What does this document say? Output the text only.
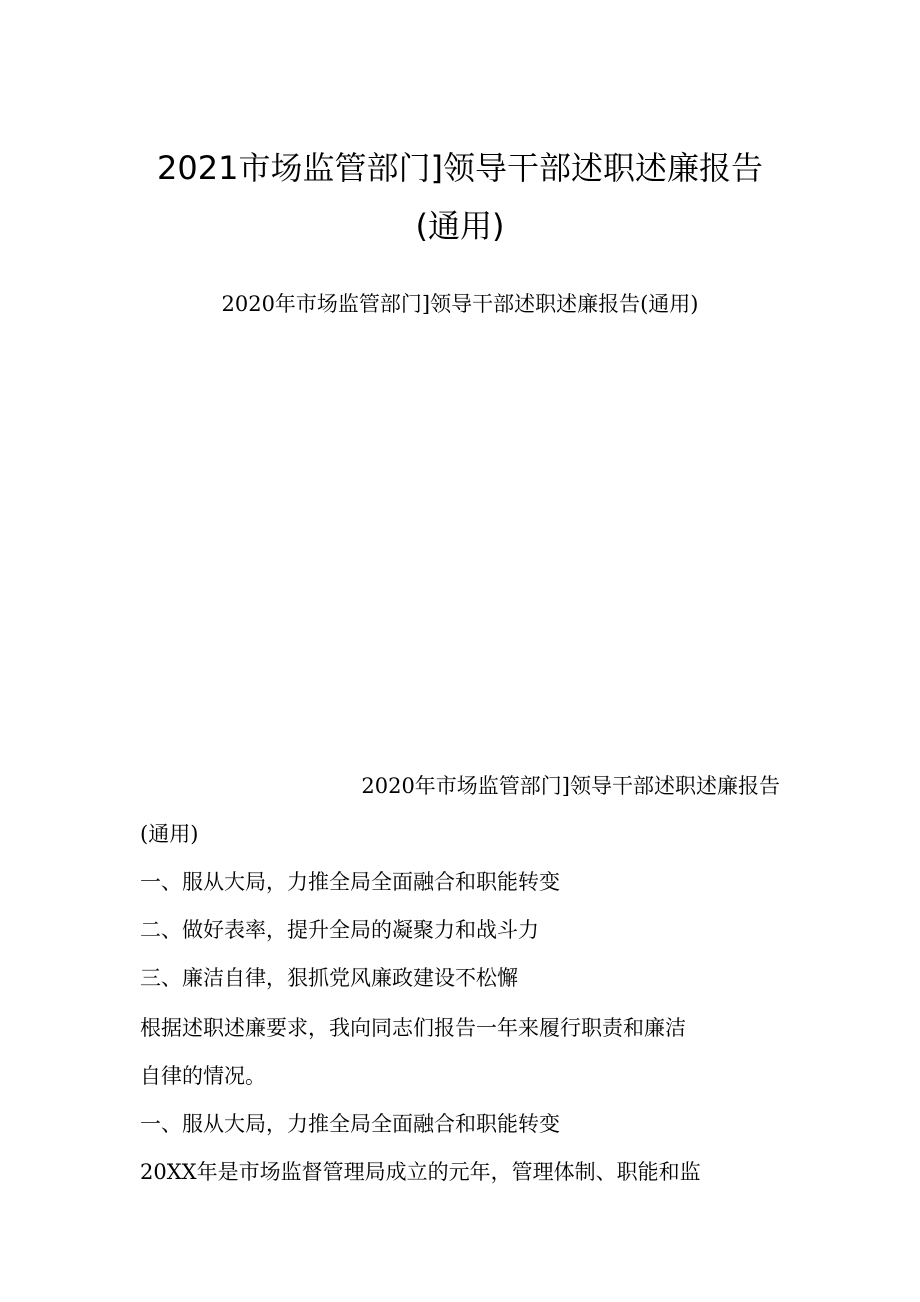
2021市场监管部门]领导干部述职述廉报告
(通用)

2020年市场监管部门]领导干部述职述廉报告(通用)

2020年市场监管部门]领导干部述职述廉报告

(通用)

一、服从大局，力推全局全面融合和职能转变

二、做好表率，提升全局的凝聚力和战斗力

三、廉洁自律，狠抓党风廉政建设不松懈

根据述职述廉要求，我向同志们报告一年来履行职责和廉洁

自律的情况。

一、服从大局，力推全局全面融合和职能转变

20XX年是市场监督管理局成立的元年，管理体制、职能和监
